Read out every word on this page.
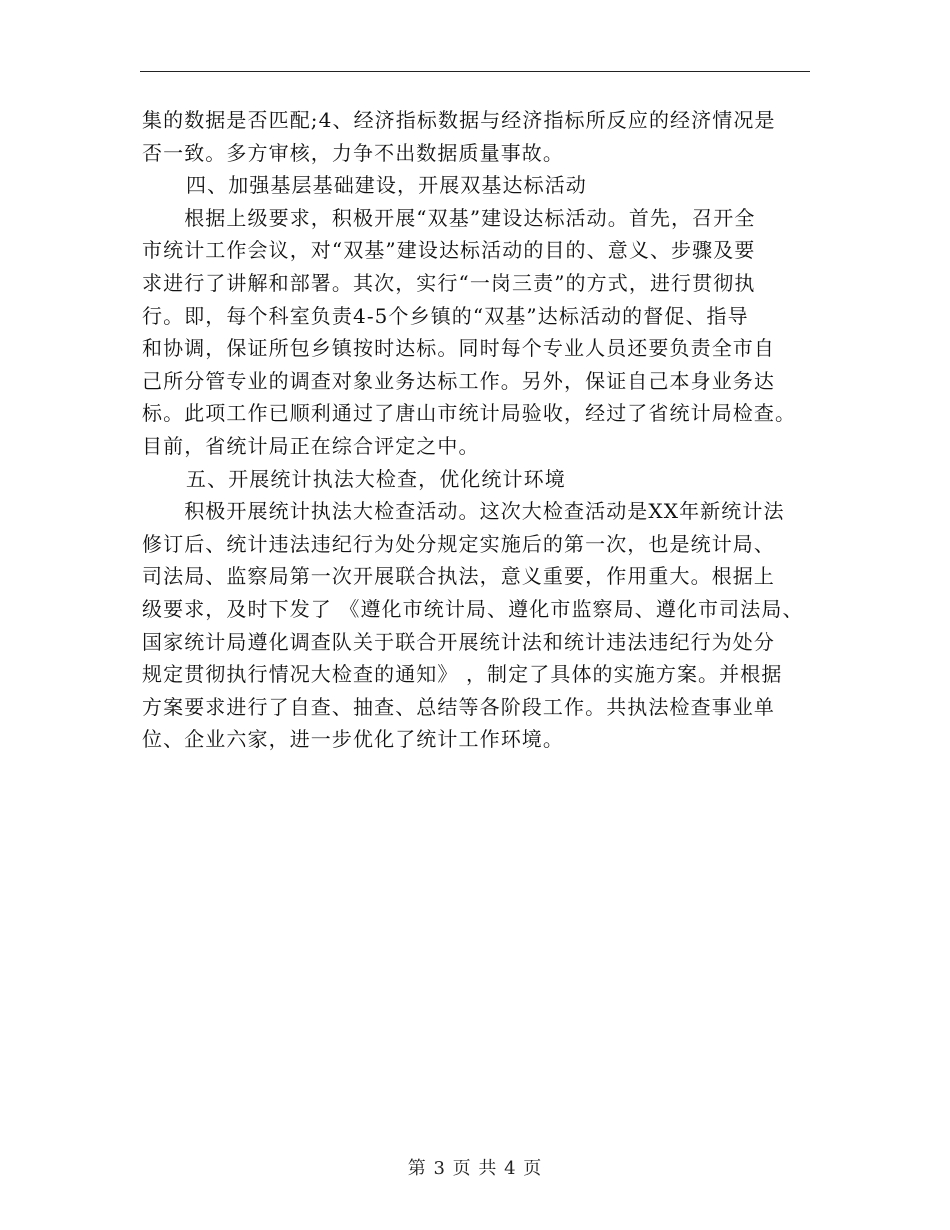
集的数据是否匹配;4、经济指标数据与经济指标所反应的经济情况是
否一致。多方审核，力争不出数据质量事故。
四、加强基层基础建设，开展双基达标活动
　　根据上级要求，积极开展“双基”建设达标活动。首先，召开全
市统计工作会议，对“双基”建设达标活动的目的、意义、步骤及要
求进行了讲解和部署。其次，实行“一岗三责”的方式，进行贯彻执
行。即，每个科室负责4-5个乡镇的“双基”达标活动的督促、指导
和协调，保证所包乡镇按时达标。同时每个专业人员还要负责全市自
己所分管专业的调查对象业务达标工作。另外，保证自己本身业务达
标。此项工作已顺利通过了唐山市统计局验收，经过了省统计局检查。
目前，省统计局正在综合评定之中。
五、开展统计执法大检查，优化统计环境
　　积极开展统计执法大检查活动。这次大检查活动是XX年新统计法
修订后、统计违法违纪行为处分规定实施后的第一次，也是统计局、
司法局、监察局第一次开展联合执法，意义重要，作用重大。根据上
级要求，及时下发了 《遵化市统计局、遵化市监察局、遵化市司法局、
国家统计局遵化调查队关于联合开展统计法和统计违法违纪行为处分
规定贯彻执行情况大检查的通知》 ，制定了具体的实施方案。并根据
方案要求进行了自查、抽查、总结等各阶段工作。共执法检查事业单
位、企业六家，进一步优化了统计工作环境。
第 3 页 共 4 页
